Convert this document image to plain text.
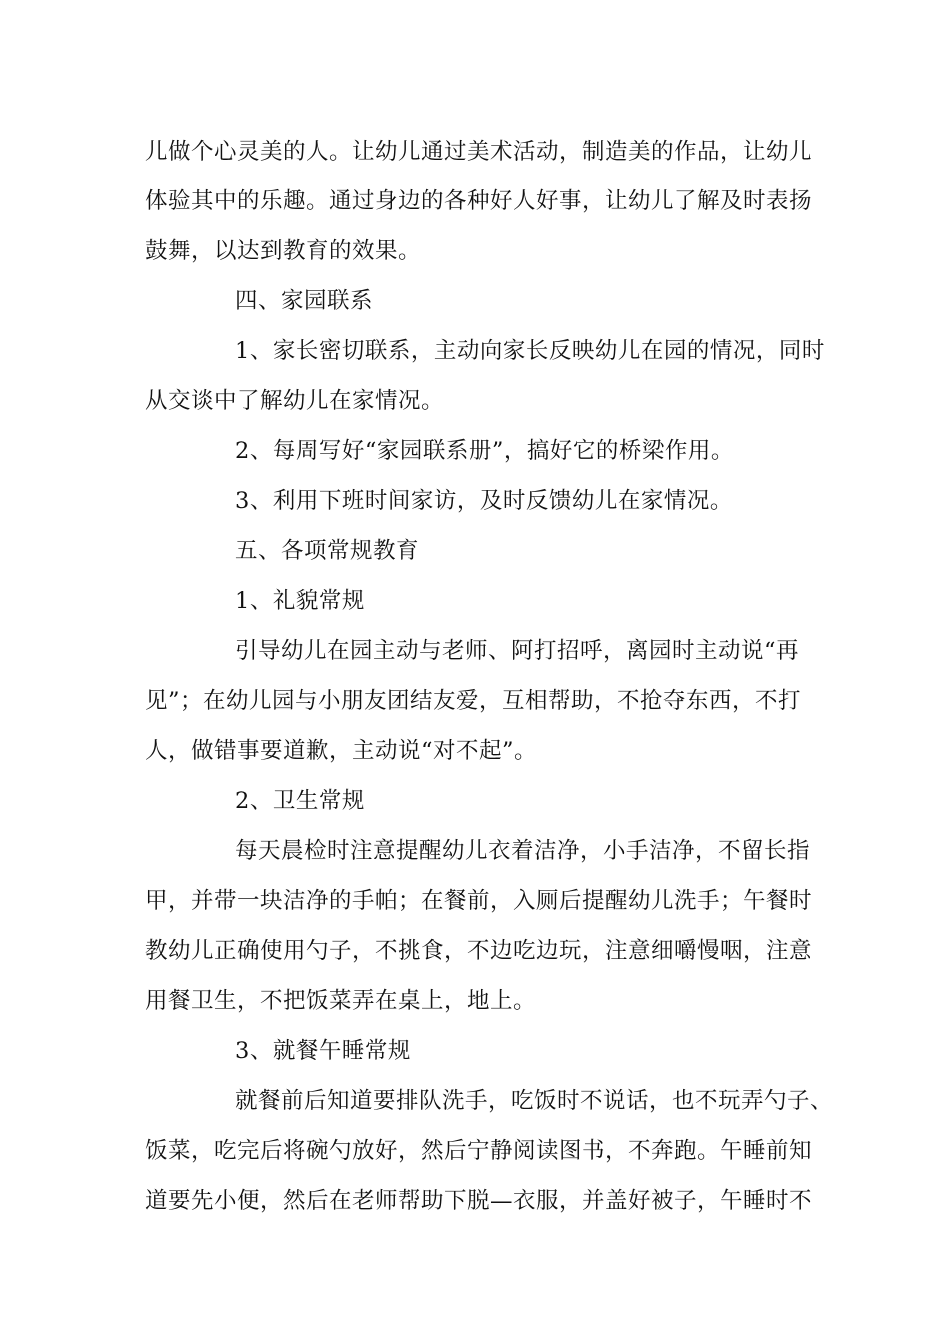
儿做个心灵美的人。让幼儿通过美术活动，制造美的作品，让幼儿
体验其中的乐趣。通过身边的各种好人好事，让幼儿了解及时表扬
鼓舞，以达到教育的效果。
四、家园联系
1、家长密切联系，主动向家长反映幼儿在园的情况，同时
从交谈中了解幼儿在家情况。
2、每周写好“家园联系册”，搞好它的桥梁作用。
3、利用下班时间家访，及时反馈幼儿在家情况。
五、各项常规教育
1、礼貌常规
引导幼儿在园主动与老师、阿打招呼，离园时主动说“再
见”；在幼儿园与小朋友团结友爱，互相帮助，不抢夺东西，不打
人，做错事要道歉，主动说“对不起”。
2、卫生常规
每天晨检时注意提醒幼儿衣着洁净，小手洁净，不留长指
甲，并带一块洁净的手帕；在餐前，入厕后提醒幼儿洗手；午餐时
教幼儿正确使用勺子，不挑食，不边吃边玩，注意细嚼慢咽，注意
用餐卫生，不把饭菜弄在桌上，地上。
3、就餐午睡常规
就餐前后知道要排队洗手，吃饭时不说话，也不玩弄勺子、
饭菜，吃完后将碗勺放好，然后宁静阅读图书，不奔跑。午睡前知
道要先小便，然后在老师帮助下脱—衣服，并盖好被子，午睡时不
